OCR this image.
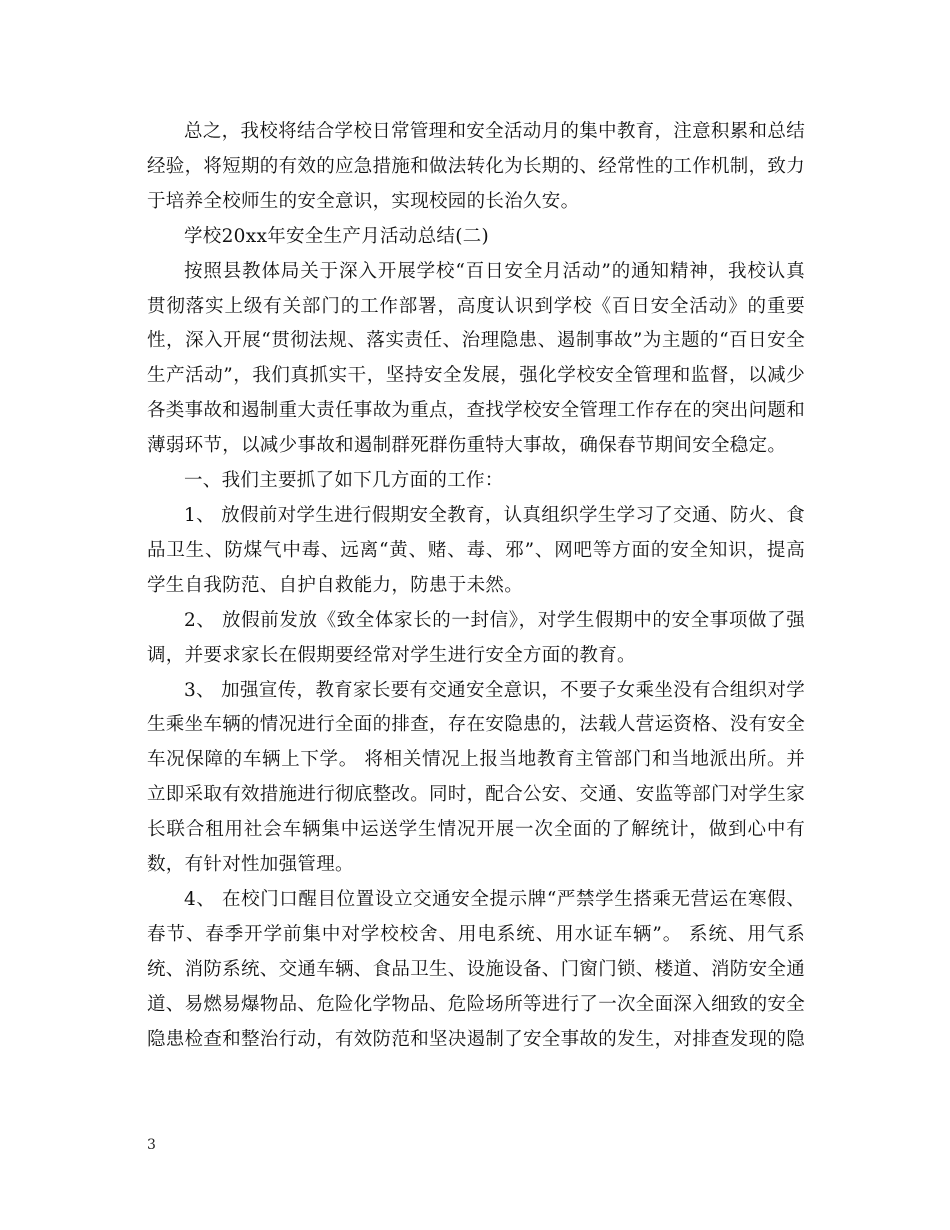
总之，我校将结合学校日常管理和安全活动月的集中教育，注意积累和总结经验，将短期的有效的应急措施和做法转化为长期的、经常性的工作机制，致力于培养全校师生的安全意识，实现校园的长治久安。

学校20xx年安全生产月活动总结(二)

按照县教体局关于深入开展学校“百日安全月活动”的通知精神，我校认真贯彻落实上级有关部门的工作部署，高度认识到学校《百日安全活动》的重要性，深入开展“贯彻法规、落实责任、治理隐患、遏制事故”为主题的“百日安全生产活动”，我们真抓实干，坚持安全发展，强化学校安全管理和监督，以减少各类事故和遏制重大责任事故为重点，查找学校安全管理工作存在的突出问题和薄弱环节，以减少事故和遏制群死群伤重特大事故，确保春节期间安全稳定。

一、我们主要抓了如下几方面的工作：

1、 放假前对学生进行假期安全教育，认真组织学生学习了交通、防火、食品卫生、防煤气中毒、远离“黄、赌、毒、邪”、网吧等方面的安全知识，提高学生自我防范、自护自救能力，防患于未然。

2、 放假前发放《致全体家长的一封信》，对学生假期中的安全事项做了强调，并要求家长在假期要经常对学生进行安全方面的教育。

3、 加强宣传，教育家长要有交通安全意识，不要子女乘坐没有合组织对学生乘坐车辆的情况进行全面的排查，存在安隐患的，法载人营运资格、没有安全车况保障的车辆上下学。 将相关情况上报当地教育主管部门和当地派出所。并立即采取有效措施进行彻底整改。同时，配合公安、交通、安监等部门对学生家长联合租用社会车辆集中运送学生情况开展一次全面的了解统计，做到心中有数，有针对性加强管理。

4、 在校门口醒目位置设立交通安全提示牌“严禁学生搭乘无营运在寒假、春节、春季开学前集中对学校校舍、用电系统、用水证车辆”。 系统、用气系统、消防系统、交通车辆、食品卫生、设施设备、门窗门锁、楼道、消防安全通道、易燃易爆物品、危险化学物品、危险场所等进行了一次全面深入细致的安全隐患检查和整治行动，有效防范和坚决遏制了安全事故的发生，对排查发现的隐

3
